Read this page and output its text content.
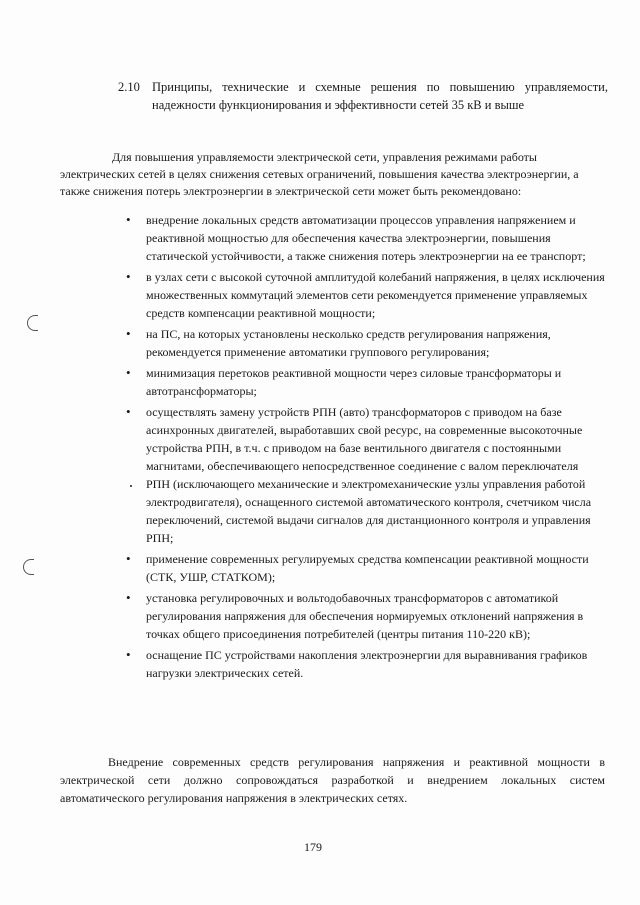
2.10 Принципы, технические и схемные решения по повышению управляемости, надежности функционирования и эффективности сетей 35 кВ и выше

Для повышения управляемости электрической сети, управления режимами работы электрических сетей в целях снижения сетевых ограничений, повышения качества электроэнергии, а также снижения потерь электроэнергии в электрической сети может быть рекомендовано:

• внедрение локальных средств автоматизации процессов управления напряжением и реактивной мощностью для обеспечения качества электроэнергии, повышения статической устойчивости, а также снижения потерь электроэнергии на ее транспорт;
• в узлах сети с высокой суточной амплитудой колебаний напряжения, в целях исключения множественных коммутаций элементов сети рекомендуется применение управляемых средств компенсации реактивной мощности;
• на ПС, на которых установлены несколько средств регулирования напряжения, рекомендуется применение автоматики группового регулирования;
• минимизация перетоков реактивной мощности через силовые трансформаторы и автотрансформаторы;
• осуществлять замену устройств РПН (авто) трансформаторов с приводом на базе асинхронных двигателей, выработавших свой ресурс, на современные высокоточные устройства РПН, в т.ч. с приводом на базе вентильного двигателя с постоянными магнитами, обеспечивающего непосредственное соединение с валом переключателя РПН (исключающего механические и электромеханические узлы управления работой электродвигателя), оснащенного системой автоматического контроля, счетчиком числа переключений, системой выдачи сигналов для дистанционного контроля и управления РПН;
• применение современных регулируемых средства компенсации реактивной мощности (СТК, УШР, СТАТКОМ);
• установка регулировочных и вольтодобавочных трансформаторов с автоматикой регулирования напряжения для обеспечения нормируемых отклонений напряжения в точках общего присоединения потребителей (центры питания 110-220 кВ);
• оснащение ПС устройствами накопления электроэнергии для выравнивания графиков нагрузки электрических сетей.

Внедрение современных средств регулирования напряжения и реактивной мощности в электрической сети должно сопровождаться разработкой и внедрением локальных систем автоматического регулирования напряжения в электрических сетях.

179
